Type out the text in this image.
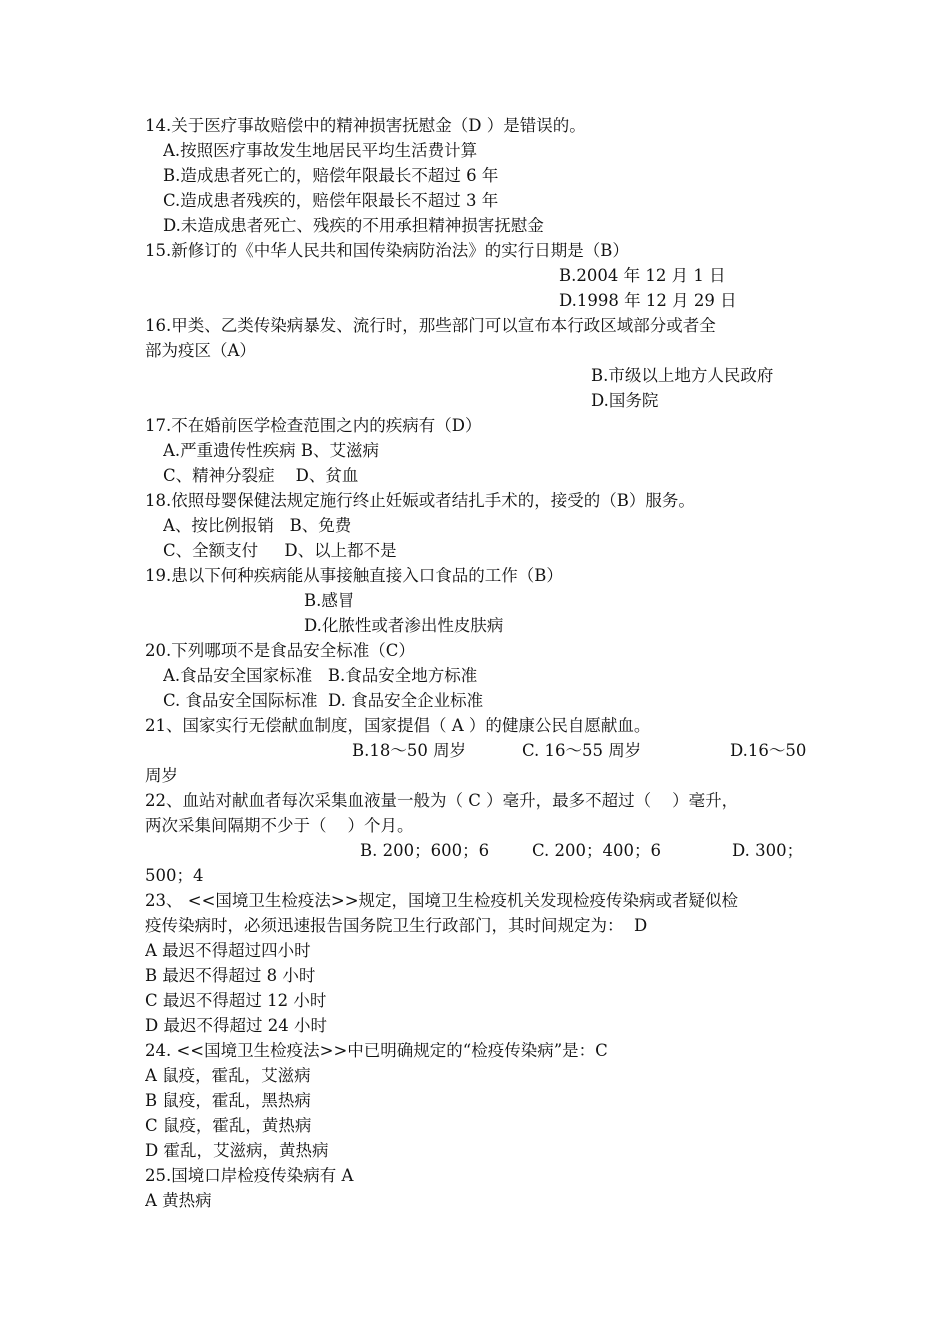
14.关于医疗事故赔偿中的精神损害抚慰金（D ）是错误的。
A.按照医疗事故发生地居民平均生活费计算
B.造成患者死亡的，赔偿年限最长不超过 6 年
C.造成患者残疾的，赔偿年限最长不超过 3 年
D.未造成患者死亡、残疾的不用承担精神损害抚慰金
15.新修订的《中华人民共和国传染病防治法》的实行日期是（B）

B.2004 年 12 月 1 日

D.1998 年 12 月 29 日

16.甲类、乙类传染病暴发、流行时，那些部门可以宣布本行政区域部分或者全
部为疫区（A）

B.市级以上地方人民政府

D.国务院

17.不在婚前医学检查范围之内的疾病有（D）
A.严重遗传性疾病 B、艾滋病
C、精神分裂症    D、贫血
18.依照母婴保健法规定施行终止妊娠或者结扎手术的，接受的（B）服务。
A、按比例报销   B、免费
C、全额支付     D、以上都不是
19.患以下何种疾病能从事接触直接入口食品的工作（B）

B.感冒

D.化脓性或者渗出性皮肤病

20.下列哪项不是食品安全标准（C）
A.食品安全国家标准   B.食品安全地方标准
C. 食品安全国际标准  D. 食品安全企业标准
21、国家实行无偿献血制度，国家提倡（ A ）的健康公民自愿献血。

B.18～50 周岁

	C. 16～55 周岁

	D.16～50

周岁
22、血站对献血者每次采集血液量一般为（ C ）毫升，最多不超过（    ）毫升，
两次采集间隔期不少于（    ）个月。

B. 200；600；6

	C. 200；400；6

	D. 300；

500；4
23、 <<国境卫生检疫法>>规定，国境卫生检疫机关发现检疫传染病或者疑似检
疫传染病时，必须迅速报告国务院卫生行政部门，其时间规定为：  D
A 最迟不得超过四小时
B 最迟不得超过 8 小时
C 最迟不得超过 12 小时
D 最迟不得超过 24 小时
24. <<国境卫生检疫法>>中已明确规定的“检疫传染病”是：C
A 鼠疫，霍乱，艾滋病
B 鼠疫，霍乱，黑热病
C 鼠疫，霍乱，黄热病
D 霍乱，艾滋病，黄热病
25.国境口岸检疫传染病有 A
A 黄热病
